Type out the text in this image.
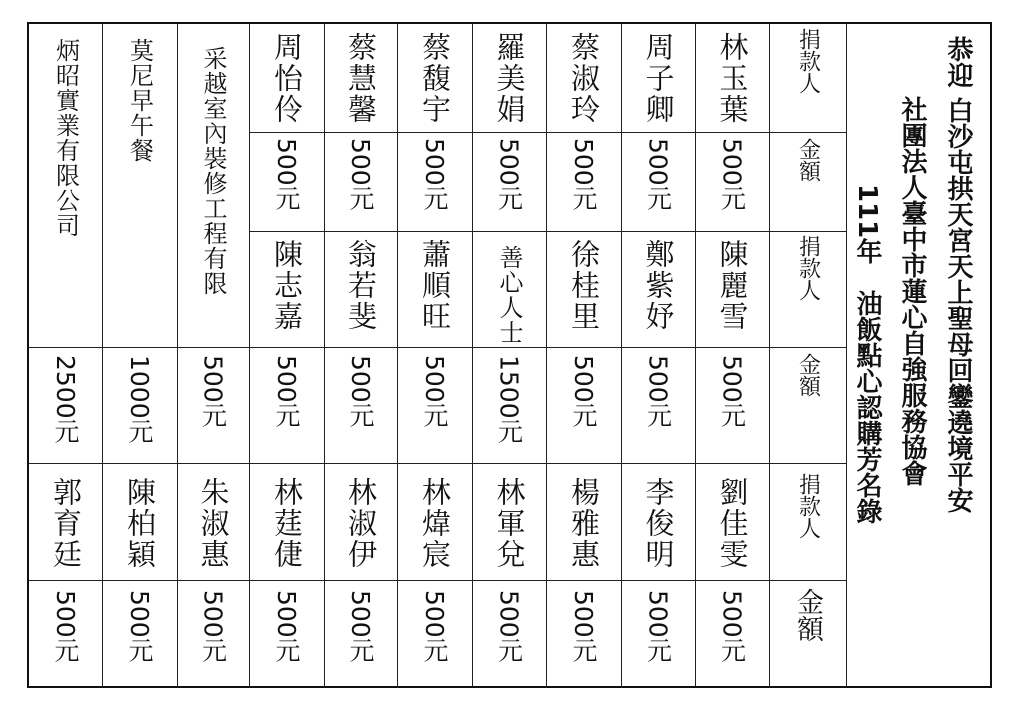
恭迎 白沙屯拱天宮天上聖母回鑾遶境平安
社團法人臺中市蓮心自強服務協會
111年　油飯點心認購芳名錄
捐款人
金額
捐款人
金額
捐款人
金額
林玉葉
周子卿
蔡淑玲
羅美娟
蔡馥宇
蔡慧馨
周怡伶
500元
500元
500元
500元
500元
500元
500元
陳麗雪
鄭紫妤
徐桂里
善心人士
蕭順旺
翁若斐
陳志嘉
采越室內裝修工程有限
莫尼早午餐
炳昭實業有限公司
500元
500元
500元
1500元
500元
500元
500元
500元
1000元
2500元
劉佳雯
李俊明
楊雅惠
林軍兌
林煒宸
林淑伊
林莛倢
朱淑惠
陳柏穎
郭育廷
500元
500元
500元
500元
500元
500元
500元
500元
500元
500元
